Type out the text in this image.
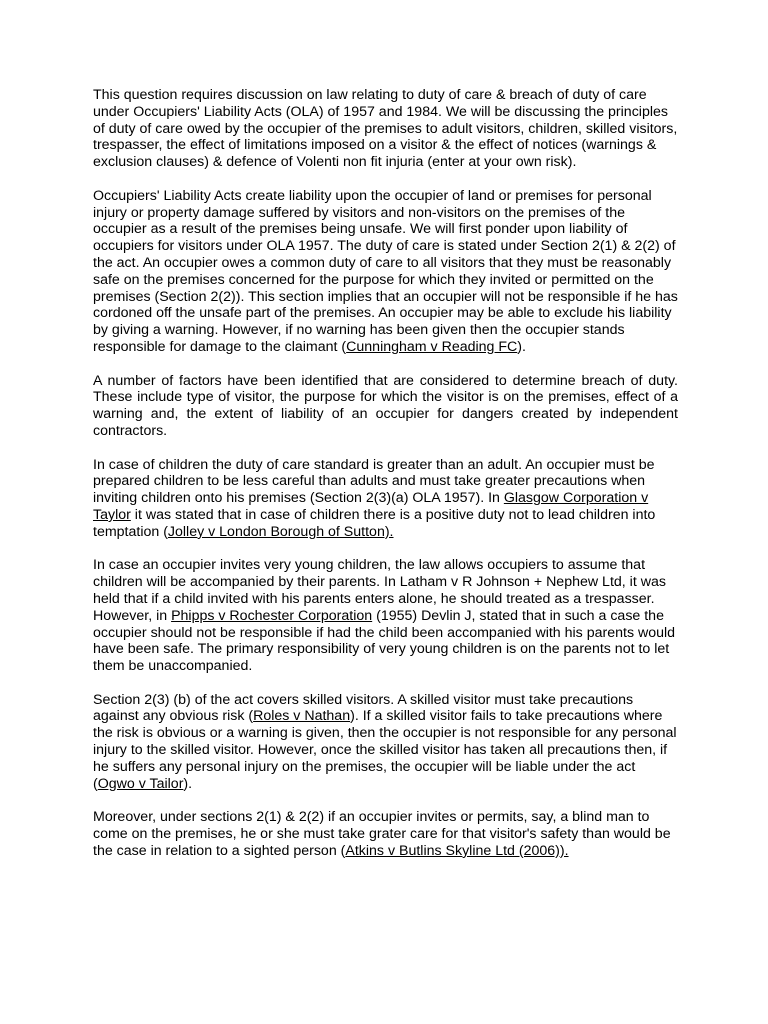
This question requires discussion on law relating to duty of care & breach of duty of care under Occupiers' Liability Acts (OLA) of 1957 and 1984. We will be discussing the principles of duty of care owed by the occupier of the premises to adult visitors, children, skilled visitors, trespasser, the effect of limitations imposed on a visitor & the effect of notices (warnings & exclusion clauses) & defence of Volenti non fit injuria (enter at your own risk).

Occupiers' Liability Acts create liability upon the occupier of land or premises for personal injury or property damage suffered by visitors and non-visitors on the premises of the occupier as a result of the premises being unsafe. We will first ponder upon liability of occupiers for visitors under OLA 1957. The duty of care is stated under Section 2(1) & 2(2) of the act. An occupier owes a common duty of care to all visitors that they must be reasonably safe on the premises concerned for the purpose for which they invited or permitted on the premises (Section 2(2)). This section implies that an occupier will not be responsible if he has cordoned off the unsafe part of the premises. An occupier may be able to exclude his liability by giving a warning. However, if no warning has been given then the occupier stands responsible for damage to the claimant (Cunningham v Reading FC).

A number of factors have been identified that are considered to determine breach of duty. These include type of visitor, the purpose for which the visitor is on the premises, effect of a warning and, the extent of liability of an occupier for dangers created by independent contractors.

In case of children the duty of care standard is greater than an adult. An occupier must be prepared children to be less careful than adults and must take greater precautions when inviting children onto his premises (Section 2(3)(a) OLA 1957). In Glasgow Corporation v Taylor it was stated that in case of children there is a positive duty not to lead children into temptation (Jolley v London Borough of Sutton).

In case an occupier invites very young children, the law allows occupiers to assume that children will be accompanied by their parents. In Latham v R Johnson + Nephew Ltd, it was held that if a child invited with his parents enters alone, he should treated as a trespasser. However, in Phipps v Rochester Corporation (1955) Devlin J, stated that in such a case the occupier should not be responsible if had the child been accompanied with his parents would have been safe. The primary responsibility of very young children is on the parents not to let them be unaccompanied.

Section 2(3) (b) of the act covers skilled visitors. A skilled visitor must take precautions against any obvious risk (Roles v Nathan). If a skilled visitor fails to take precautions where the risk is obvious or a warning is given, then the occupier is not responsible for any personal injury to the skilled visitor. However, once the skilled visitor has taken all precautions then, if he suffers any personal injury on the premises, the occupier will be liable under the act (Ogwo v Tailor).

Moreover, under sections 2(1) & 2(2) if an occupier invites or permits, say, a blind man to come on the premises, he or she must take grater care for that visitor's safety than would be the case in relation to a sighted person (Atkins v Butlins Skyline Ltd (2006)).
